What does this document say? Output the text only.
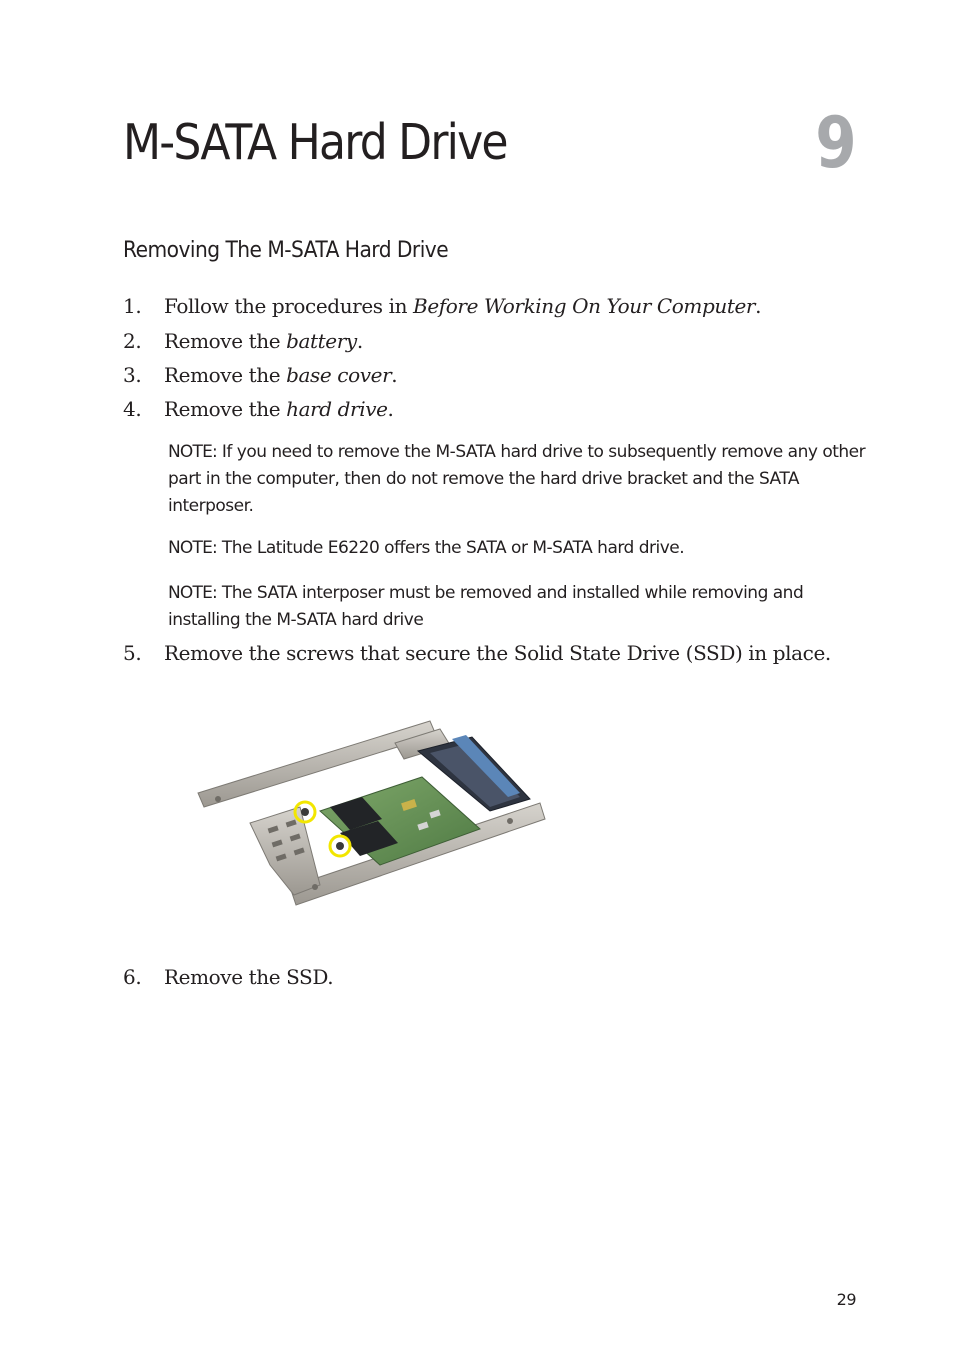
M-SATA Hard Drive	9
Removing The M-SATA Hard Drive
1. Follow the procedures in Before Working On Your Computer.
2. Remove the battery.
3. Remove the base cover.
4. Remove the hard drive.

NOTE: If you need to remove the M-SATA hard drive to subsequently remove any other part in the computer, then do not remove the hard drive bracket and the SATA interposer.

NOTE: The Latitude E6220 offers the SATA or M-SATA hard drive.

NOTE: The SATA interposer must be removed and installed while removing and installing the M-SATA hard drive

5. Remove the screws that secure the Solid State Drive (SSD) in place.
6. Remove the SSD.
29
